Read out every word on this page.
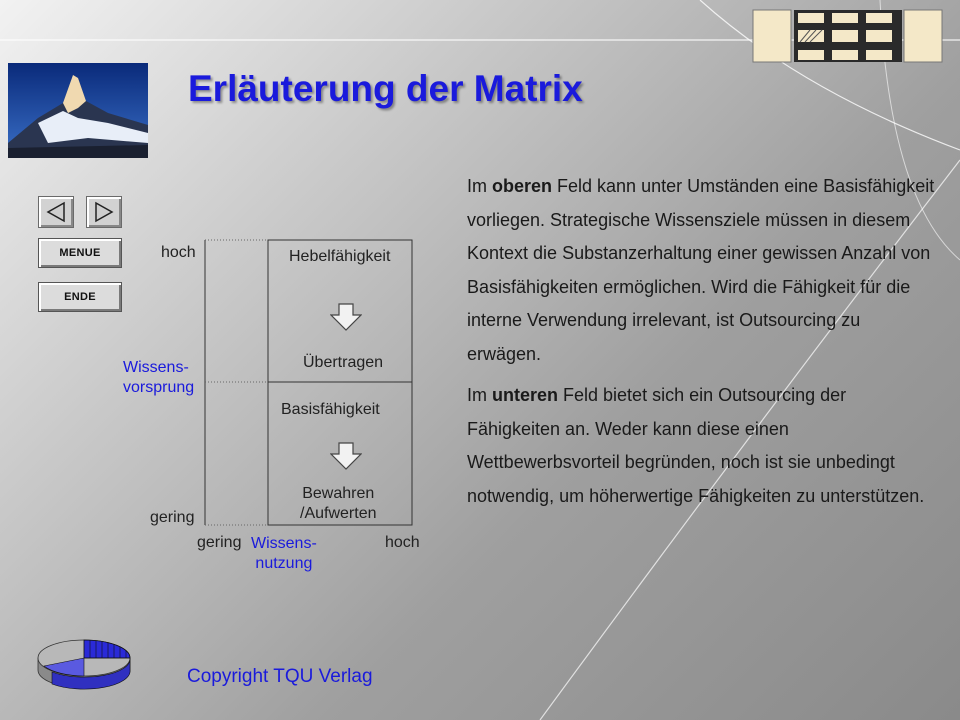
Erläuterung der Matrix
MENUE
ENDE
hoch
gering
Wissens-
vorsprung
gering	hoch
Wissens-
nutzung
Hebelfähigkeit
Übertragen
Basisfähigkeit
Bewahren
/Aufwerten

Im oberen Feld kann unter Umständen eine Basisfähigkeit vorliegen. Strategische Wissensziele müssen in diesem Kontext die Substanzerhaltung einer gewissen Anzahl von Basisfähigkeiten ermöglichen. Wird die Fähigkeit für die interne Verwendung irrelevant, ist Outsourcing zu erwägen.

Im unteren Feld bietet sich ein Outsourcing der Fähigkeiten an. Weder kann diese einen Wettbewerbsvorteil begründen, noch ist sie unbedingt notwendig, um höherwertige Fähigkeiten zu unterstützen.

Copyright TQU Verlag
